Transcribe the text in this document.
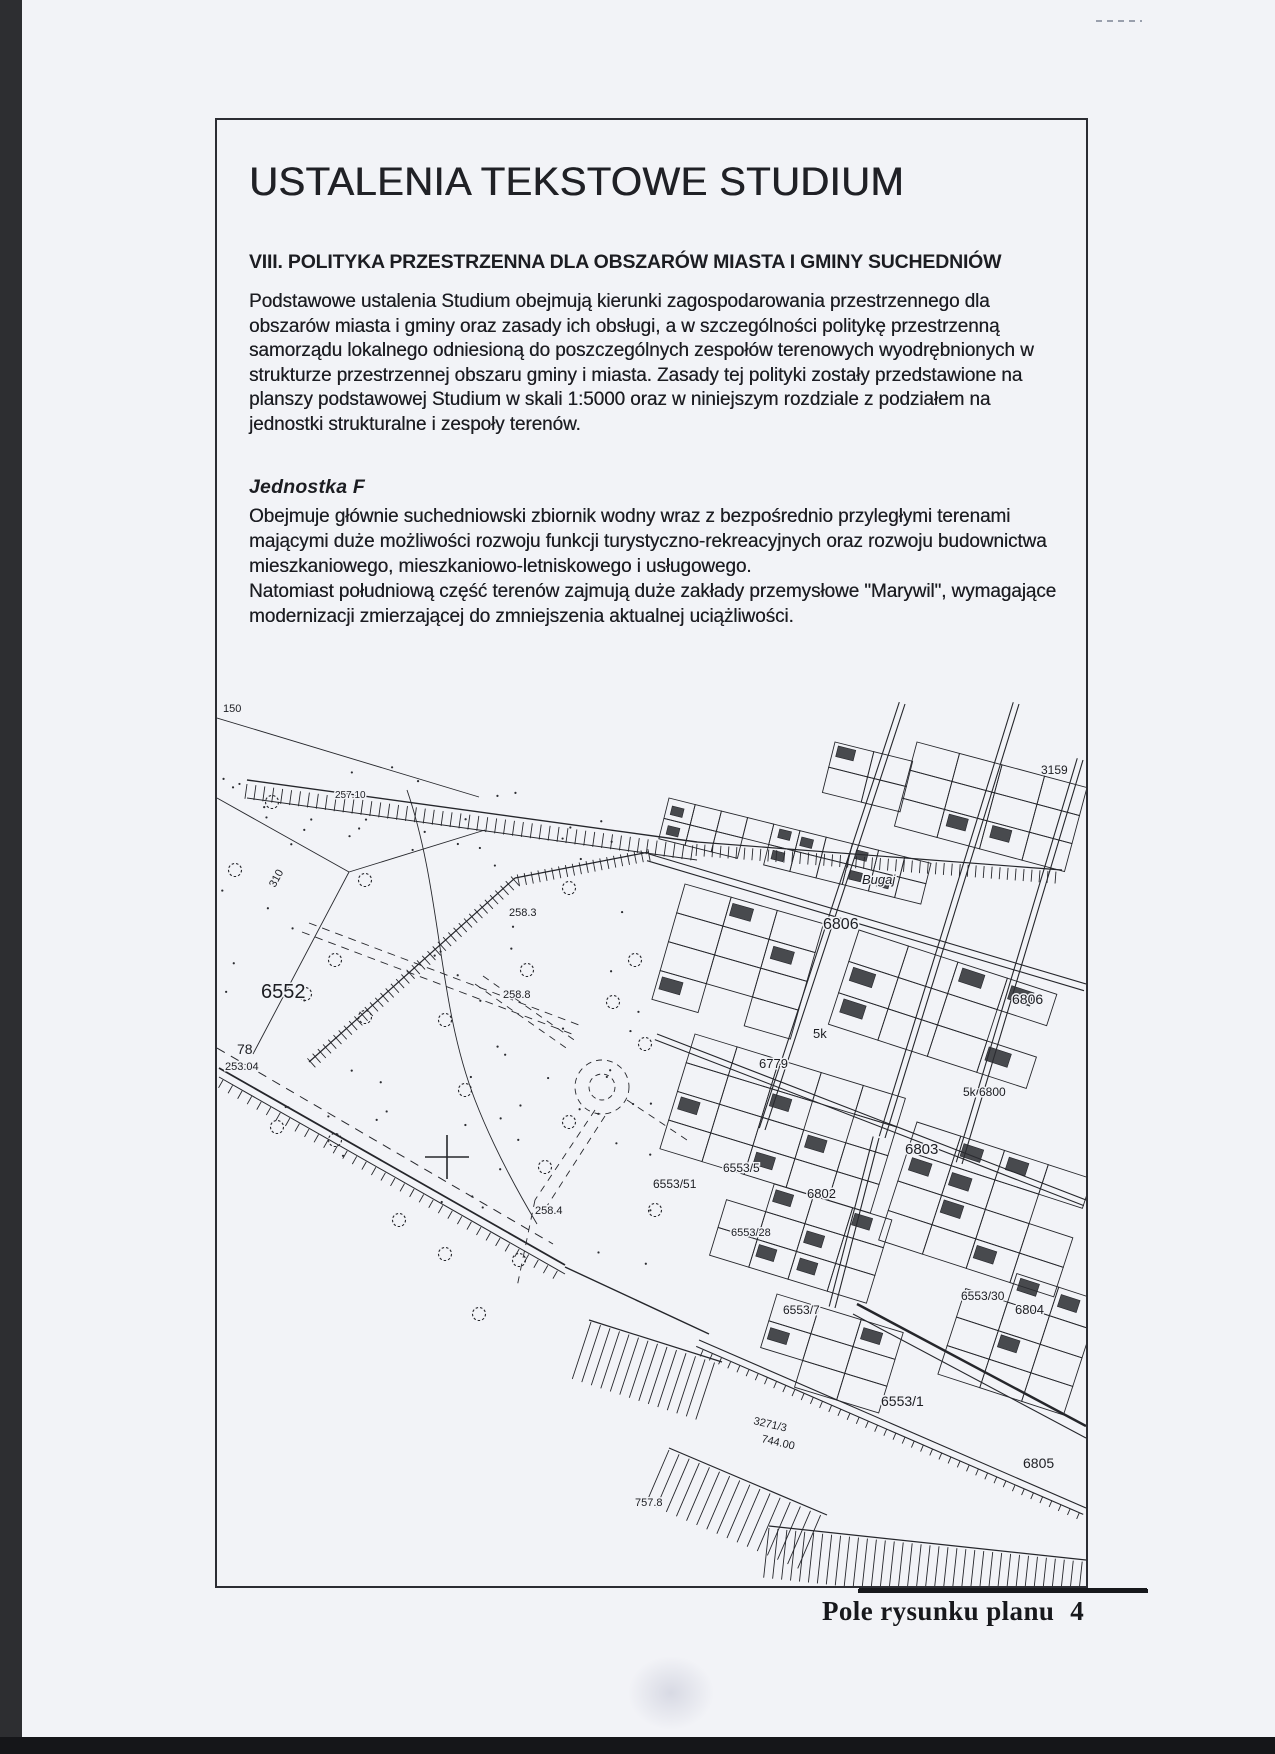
USTALENIA TEKSTOWE STUDIUM
VIII. POLITYKA PRZESTRZENNA DLA OBSZARÓW MIASTA I GMINY SUCHEDNIÓW

Podstawowe ustalenia Studium obejmują kierunki zagospodarowania przestrzennego dla obszarów miasta i gminy oraz zasady ich obsługi, a w szczególności politykę przestrzenną samorządu lokalnego odniesioną do poszczególnych zespołów terenowych wyodrębnionych w strukturze przestrzennej obszaru gminy i miasta. Zasady tej polityki zostały przedstawione na planszy podstawowej Studium w skali 1:5000 oraz w niniejszym rozdziale z podziałem na jednostki strukturalne i zespoły terenów.

Jednostka F

Obejmuje głównie suchedniowski zbiornik wodny wraz z bezpośrednio przyległymi terenami mającymi duże możliwości rozwoju funkcji turystyczno-rekreacyjnych oraz rozwoju budownictwa mieszkaniowego, mieszkaniowo-letniskowego i usługowego.

Natomiast południową część terenów zajmują duże zakłady przemysłowe "Marywil", wymagające modernizacji zmierzającej do zmniejszenia aktualnej uciążliwości.

150
310
6552
78
253.04
257.10
258.3
258.8
258.4
Bugaj
6806
6806
6779
5k
5k 6800
6803
6802
6553/5
6553/51
6553/28
6553/30
6804
6553/7
6553/1
6805
3159
3271/3
744.00
757.8
Pole rysunku planu 4
